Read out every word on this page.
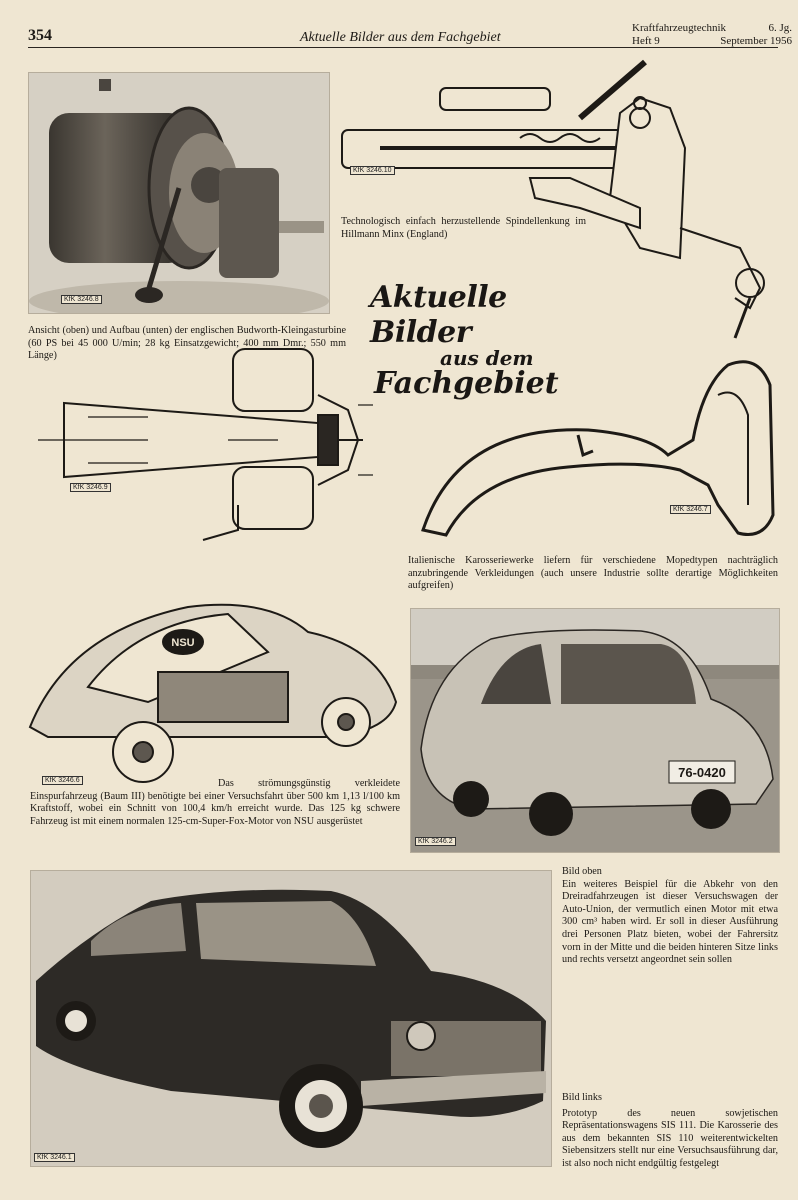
354	Aktuelle Bilder aus dem Fachgebiet
Kraftfahrzeugtechnik	6. Jg.
Heft 9	September 1956
KfK 3246.8
KfK 3246.10
Technologisch einfach herzustellende Spindellenkung im Hillmann Minx (England)
Aktuelle Bilder
aus dem
Fachgebiet
Ansicht (oben) und Aufbau (unten) der englischen Budworth-Kleingasturbine (60 PS bei 45 000 U/min; 28 kg Einsatzgewicht; 400 mm Dmr.; 550 mm Länge)
KfK 3246.9
KfK 3246.7
Italienische Karosseriewerke liefern für verschiedene Mopedtypen nachträglich anzubringende Verkleidungen (auch unsere Industrie sollte derartige Möglichkeiten aufgreifen)
NSU
KfK 3246.6	Das strömungsgünstig verkleidete Einspurfahrzeug (Baum III) benötigte bei einer Versuchsfahrt über 500 km 1,13 l/100 km Kraftstoff, wobei ein Schnitt von 100,4 km/h erreicht wurde. Das 125 kg schwere Fahrzeug ist mit einem normalen 125-cm-Super-Fox-Motor von NSU ausgerüstet
76-0420
KfK 3246.2
Bild oben
Ein weiteres Beispiel für die Abkehr von den Dreiradfahrzeugen ist dieser Versuchswagen der Auto-Union, der vermutlich einen Motor mit etwa 300 cm³ haben wird. Er soll in dieser Ausführung drei Personen Platz bieten, wobei der Fahrersitz vorn in der Mitte und die beiden hinteren Sitze links und rechts versetzt angeordnet sein sollen
KfK 3246.1
Bild links
Prototyp des neuen sowjetischen Repräsentationswagens SIS 111. Die Karosserie des aus dem bekannten SIS 110 weiterentwickelten Siebensitzers stellt nur eine Versuchsausführung dar, ist also noch nicht endgültig festgelegt
